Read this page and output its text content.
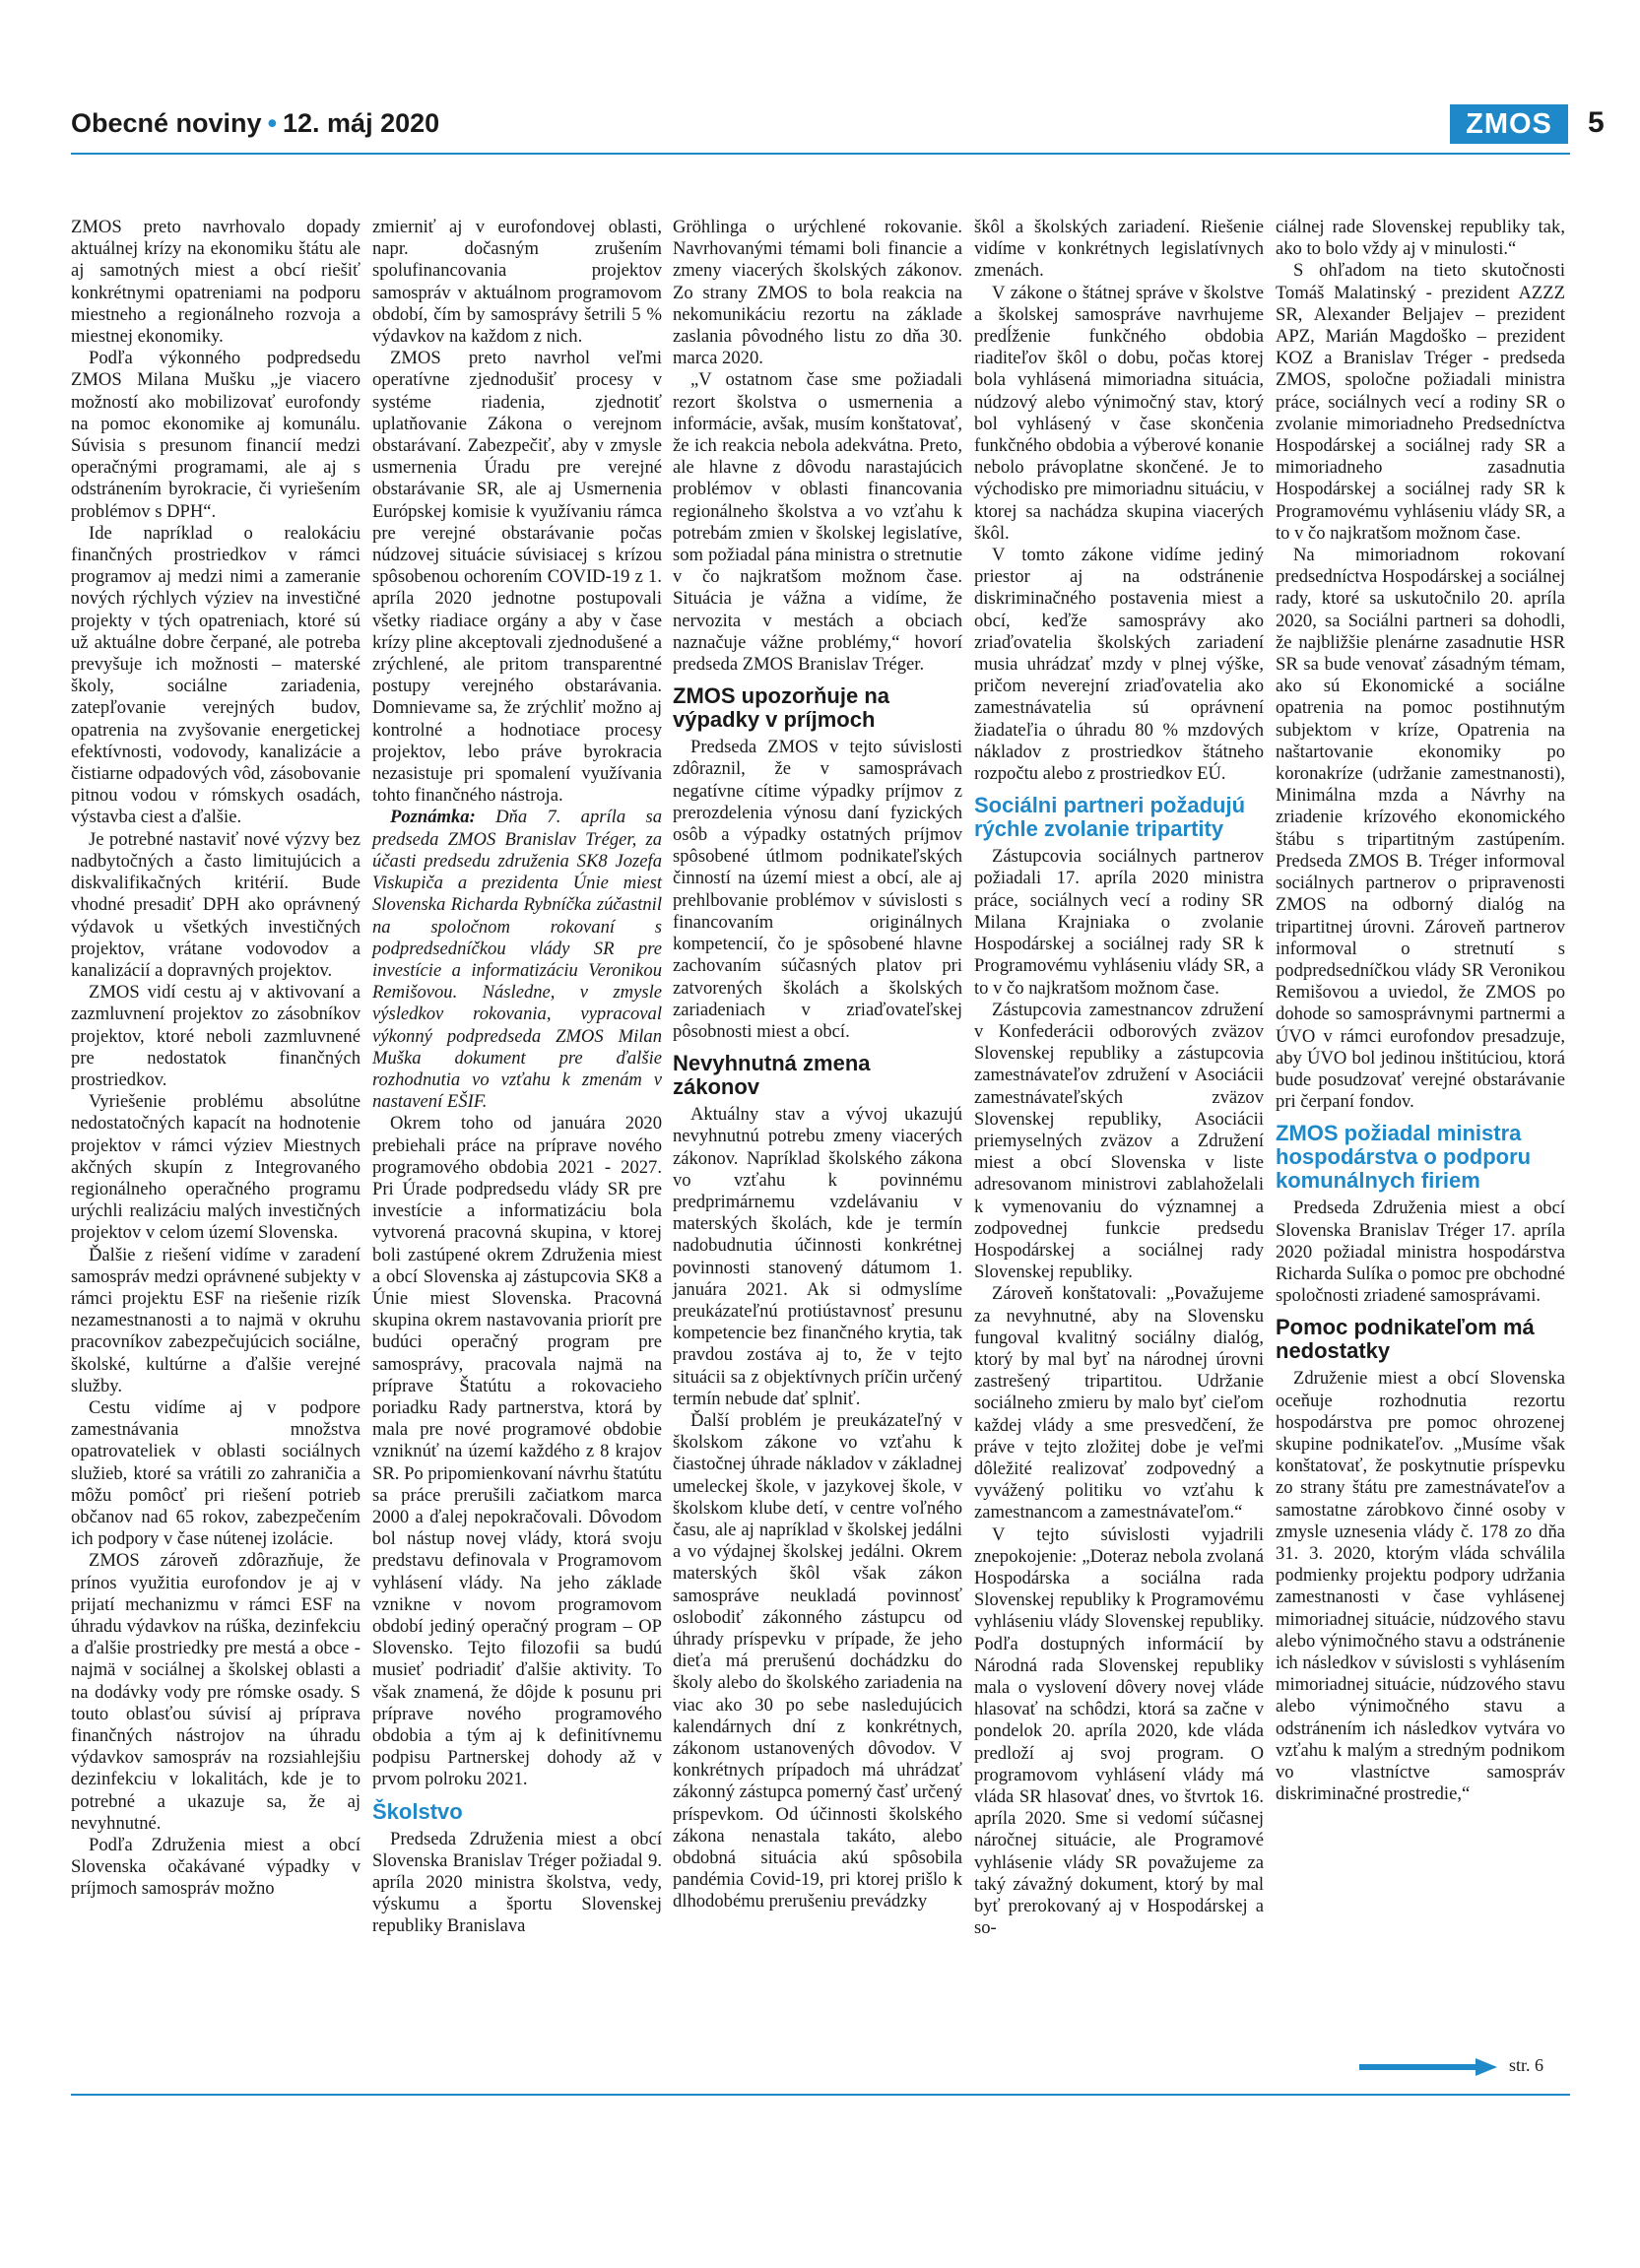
Obecné noviny • 12. máj 2020	ZMOS	5

ZMOS preto navrhovalo dopady aktuálnej krízy na ekonomiku štátu ale aj samotných miest a obcí riešiť konkrétnymi opatreniami na podporu miestneho a regionálneho rozvoja a miestnej ekonomiky.

Podľa výkonného podpredsedu ZMOS Milana Mušku „je viacero možností ako mobilizovať eurofondy na pomoc ekonomike aj komunálu. Súvisia s presunom financií medzi operačnými programami, ale aj s odstránením byrokracie, či vyriešením problémov s DPH“.

Ide napríklad o realokáciu finančných prostriedkov v rámci programov aj medzi nimi a zameranie nových rýchlych výziev na investičné projekty v tých opatreniach, ktoré sú už aktuálne dobre čerpané, ale potreba prevyšuje ich možnosti – materské školy, sociálne zariadenia, zatepľovanie verejných budov, opatrenia na zvyšovanie energetickej efektívnosti, vodovody, kanalizácie a čistiarne odpadových vôd, zásobovanie pitnou vodou v rómskych osadách, výstavba ciest a ďalšie.

Je potrebné nastaviť nové výzvy bez nadbytočných a často limitujúcich a diskvalifikačných kritérií. Bude vhodné presadiť DPH ako oprávnený výdavok u všetkých investičných projektov, vrátane vodovodov a kanalizácií a dopravných projektov.

ZMOS vidí cestu aj v aktivovaní a zazmluvnení projektov zo zásobníkov projektov, ktoré neboli zazmluvnené pre nedostatok finančných prostriedkov.

Vyriešenie problému absolútne nedostatočných kapacít na hodnotenie projektov v rámci výziev Miestnych akčných skupín z Integrovaného regionálneho operačného programu urýchli realizáciu malých investičných projektov v celom území Slovenska.

Ďalšie z riešení vidíme v zaradení samospráv medzi oprávnené subjekty v rámci projektu ESF na riešenie rizík nezamestnanosti a to najmä v okruhu pracovníkov zabezpečujúcich sociálne, školské, kultúrne a ďalšie verejné služby.

Cestu vidíme aj v podpore zamestnávania množstva opatrovateliek v oblasti sociálnych služieb, ktoré sa vrátili zo zahraničia a môžu pomôcť pri riešení potrieb občanov nad 65 rokov, zabezpečením ich podpory v čase nútenej izolácie.

ZMOS zároveň zdôrazňuje, že prínos využitia eurofondov je aj v prijatí mechanizmu v rámci ESF na úhradu výdavkov na rúška, dezinfekciu a ďalšie prostriedky pre mestá a obce - najmä v sociálnej a školskej oblasti a na dodávky vody pre rómske osady. S touto oblasťou súvisí aj príprava finančných nástrojov na úhradu výdavkov samospráv na rozsiahlejšiu dezinfekciu v lokalitách, kde je to potrebné a ukazuje sa, že aj nevyhnutné.

Podľa Združenia miest a obcí Slovenska očakávané výpadky v príjmoch samospráv možno

zmierniť aj v eurofondovej oblasti, napr. dočasným zrušením spolufinancovania projektov samospráv v aktuálnom programovom období, čím by samosprávy šetrili 5 % výdavkov na každom z nich.

ZMOS preto navrhol veľmi operatívne zjednodušiť procesy v systéme riadenia, zjednotiť uplatňovanie Zákona o verejnom obstarávaní. Zabezpečiť, aby v zmysle usmernenia Úradu pre verejné obstarávanie SR, ale aj Usmernenia Európskej komisie k využívaniu rámca pre verejné obstarávanie počas núdzovej situácie súvisiacej s krízou spôsobenou ochorením COVID-19 z 1. apríla 2020 jednotne postupovali všetky riadiace orgány a aby v čase krízy pline akceptovali zjednodušené a zrýchlené, ale pritom transparentné postupy verejného obstarávania. Domnievame sa, že zrýchliť možno aj kontrolné a hodnotiace procesy projektov, lebo práve byrokracia nezasistuje pri spomalení využívania tohto finančného nástroja.

Poznámka: Dňa 7. apríla sa predseda ZMOS Branislav Tréger, za účasti predsedu združenia SK8 Jozefa Viskupiča a prezidenta Únie miest Slovenska Richarda Rybníčka zúčastnil na spoločnom rokovaní s podpredsedníčkou vlády SR pre investície a informatizáciu Veronikou Remišovou. Následne, v zmysle výsledkov rokovania, vypracoval výkonný podpredseda ZMOS Milan Muška dokument pre ďalšie rozhodnutia vo vzťahu k zmenám v nastavení EŠIF.

Okrem toho od januára 2020 prebiehali práce na príprave nového programového obdobia 2021 - 2027. Pri Úrade podpredsedu vlády SR pre investície a informatizáciu bola vytvorená pracovná skupina, v ktorej boli zastúpené okrem Združenia miest a obcí Slovenska aj zástupcovia SK8 a Únie miest Slovenska. Pracovná skupina okrem nastavovania priorít pre budúci operačný program pre samosprávy, pracovala najmä na príprave Štatútu a rokovacieho poriadku Rady partnerstva, ktorá by mala pre nové programové obdobie vzniknúť na území každého z 8 krajov SR. Po pripomienkovaní návrhu štatútu sa práce prerušili začiatkom marca 2000 a ďalej nepokračovali. Dôvodom bol nástup novej vlády, ktorá svoju predstavu definovala v Programovom vyhlásení vlády. Na jeho základe vznikne v novom programovom období jediný operačný program – OP Slovensko. Tejto filozofii sa budú musieť podriadiť ďalšie aktivity. To však znamená, že dôjde k posunu pri príprave nového programového obdobia a tým aj k definitívnemu podpisu Partnerskej dohody až v prvom polroku 2021.

Školstvo

Predseda Združenia miest a obcí Slovenska Branislav Tréger požiadal 9. apríla 2020 ministra školstva, vedy, výskumu a športu Slovenskej republiky Branislava

Gröhlinga o urýchlené rokovanie. Navrhovanými témami boli financie a zmeny viacerých školských zákonov. Zo strany ZMOS to bola reakcia na nekomunikáciu rezortu na základe zaslania pôvodného listu zo dňa 30. marca 2020.

„V ostatnom čase sme požiadali rezort školstva o usmernenia a informácie, avšak, musím konštatovať, že ich reakcia nebola adekvátna. Preto, ale hlavne z dôvodu narastajúcich problémov v oblasti financovania regionálneho školstva a vo vzťahu k potrebám zmien v školskej legislatíve, som požiadal pána ministra o stretnutie v čo najkratšom možnom čase. Situácia je vážna a vidíme, že nervozita v mestách a obciach naznačuje vážne problémy,“ hovorí predseda ZMOS Branislav Tréger.

ZMOS upozorňuje na výpadky v príjmoch

Predseda ZMOS v tejto súvislosti zdôraznil, že v samosprávach negatívne cítime výpadky príjmov z prerozdelenia výnosu daní fyzických osôb a výpadky ostatných príjmov spôsobené útlmom podnikateľských činností na území miest a obcí, ale aj prehlbovanie problémov v súvislosti s financovaním originálnych kompetencií, čo je spôsobené hlavne zachovaním súčasných platov pri zatvorených školách a školských zariadeniach v zriaďovateľskej pôsobnosti miest a obcí.

Nevyhnutná zmena zákonov

Aktuálny stav a vývoj ukazujú nevyhnutnú potrebu zmeny viacerých zákonov. Napríklad školského zákona vo vzťahu k povinnému predprimárnemu vzdelávaniu v materských školách, kde je termín nadobudnutia účinnosti konkrétnej povinnosti stanovený dátumom 1. januára 2021. Ak si odmyslíme preukázateľnú protiústavnosť presunu kompetencie bez finančného krytia, tak pravdou zostáva aj to, že v tejto situácii sa z objektívnych príčin určený termín nebude dať splniť.

Ďalší problém je preukázateľný v školskom zákone vo vzťahu k čiastočnej úhrade nákladov v základnej umeleckej škole, v jazykovej škole, v školskom klube detí, v centre voľného času, ale aj napríklad v školskej jedálni a vo výdajnej školskej jedálni. Okrem materských škôl však zákon samosprávе neukladá povinnosť oslobodiť zákonného zástupcu od úhrady príspevku v prípade, že jeho dieťa má prerušenú dochádzku do školy alebo do školského zariadenia na viac ako 30 po sebe nasledujúcich kalendárnych dní z konkrétnych, zákonom ustanovených dôvodov. V konkrétnych prípadoch má uhrádzať zákonný zástupca pomerný časť určený príspevkom. Od účinnosti školského zákona nenastala takáto, alebo obdobná situácia akú spôsobila pandémia Covid-19, pri ktorej prišlo k dlhodobému prerušeniu prevádzky

škôl a školských zariadení. Riešenie vidíme v konkrétnych legislatívnych zmenách.

V zákone o štátnej správe v školstve a školskej samospráve navrhujeme predĺženie funkčného obdobia riaditeľov škôl o dobu, počas ktorej bola vyhlásená mimoriadna situácia, núdzový alebo výnimočný stav, ktorý bol vyhlásený v čase skončenia funkčného obdobia a výberové konanie nebolo právoplatne skončené. Je to východisko pre mimoriadnu situáciu, v ktorej sa nachádza skupina viacerých škôl.

V tomto zákone vidíme jediný priestor aj na odstránenie diskriminačného postavenia miest a obcí, keďže samosprávy ako zriaďovatelia školských zariadení musia uhrádzať mzdy v plnej výške, pričom neverejní zriaďovatelia ako zamestnávatelia sú oprávnení žiadateľia o úhradu 80 % mzdových nákladov z prostriedkov štátneho rozpočtu alebo z prostriedkov EÚ.

Sociálni partneri požadujú rýchle zvolanie tripartity

Zástupcovia sociálnych partnerov požiadali 17. apríla 2020 ministra práce, sociálnych vecí a rodiny SR Milana Krajniaka o zvolanie Hospodárskej a sociálnej rady SR k Programovému vyhláseniu vlády SR, a to v čo najkratšom možnom čase.

Zástupcovia zamestnancov združení v Konfederácii odborových zväzov Slovenskej republiky a zástupcovia zamestnávateľov združení v Asociácii zamestnávateľských zväzov Slovenskej republiky, Asociácii priemyselných zväzov a Združení miest a obcí Slovenska v liste adresovanom ministrovi zablahoželali k vymenovaniu do významnej a zodpovednej funkcie predsedu Hospodárskej a sociálnej rady Slovenskej republiky.

Zároveň konštatovali: „Považujeme za nevyhnutné, aby na Slovensku fungoval kvalitný sociálny dialóg, ktorý by mal byť na národnej úrovni zastrešený tripartitou. Udržanie sociálneho zmieru by malo byť cieľom každej vlády a sme presvedčení, že práve v tejto zložitej dobe je veľmi dôležité realizovať zodpovedný a vyvážený politiku vo vzťahu k zamestnancom a zamestnávateľom.“

V tejto súvislosti vyjadrili znepokojenie: „Doteraz nebola zvolaná Hospodárska a sociálna rada Slovenskej republiky k Programovému vyhláseniu vlády Slovenskej republiky. Podľa dostupných informácií by Národná rada Slovenskej republiky mala o vyslovení dôvery novej vláde hlasovať na schôdzi, ktorá sa začne v pondelok 20. apríla 2020, kde vláda predloží aj svoj program. O programovom vyhlásení vlády má vláda SR hlasovať dnes, vo štvrtok 16. apríla 2020. Sme si vedomí súčasnej náročnej situácie, ale Programové vyhlásenie vlády SR považujeme za taký závažný dokument, ktorý by mal byť prerokovaný aj v Hospodárskej a so-

ciálnej rade Slovenskej republiky tak, ako to bolo vždy aj v minulosti.“

S ohľadom na tieto skutočnosti Tomáš Malatinský - prezident AZZZ SR, Alexander Beljajev – prezident APZ, Marián Magdoško – prezident KOZ a Branislav Tréger - predseda ZMOS, spoločne požiadali ministra práce, sociálnych vecí a rodiny SR o zvolanie mimoriadneho Predsedníctva Hospodárskej a sociálnej rady SR a mimoriadneho zasadnutia Hospodárskej a sociálnej rady SR k Programovému vyhláseniu vlády SR, a to v čo najkratšom možnom čase.

Na mimoriadnom rokovaní predsedníctva Hospodárskej a sociálnej rady, ktoré sa uskutočnilo 20. apríla 2020, sa Sociálni partneri sa dohodli, že najbližšie plenárne zasadnutie HSR SR sa bude venovať zásadným témam, ako sú Ekonomické a sociálne opatrenia na pomoc postihnutým subjektom v kríze, Opatrenia na naštartovanie ekonomiky po koronakríze (udržanie zamestnanosti), Minimálna mzda a Návrhy na zriadenie krízového ekonomického štábu s tripartitným zastúpením. Predseda ZMOS B. Tréger informoval sociálnych partnerov o pripravenosti ZMOS na odborný dialóg na tripartitnej úrovni. Zároveň partnerov informoval o stretnutí s podpredsedníčkou vlády SR Veronikou Remišovou a uviedol, že ZMOS po dohode so samosprávnymi partnermi a ÚVO v rámci eurofondov presadzuje, aby ÚVO bol jedinou inštitúciou, ktorá bude posudzovať verejné obstarávanie pri čerpaní fondov.

ZMOS požiadal ministra hospodárstva o podporu komunálnych firiem

Predseda Združenia miest a obcí Slovenska Branislav Tréger 17. apríla 2020 požiadal ministra hospodárstva Richarda Sulíka o pomoc pre obchodné spoločnosti zriadené samosprávami.

Pomoc podnikateľom má nedostatky

Združenie miest a obcí Slovenska oceňuje rozhodnutia rezortu hospodárstva pre pomoc ohrozenej skupine podnikateľov. „Musíme však konštatovať, že poskytnutie príspevku zo strany štátu pre zamestnávateľov a samostatne zárobkovo činné osoby v zmysle uznesenia vlády č. 178 zo dňa 31. 3. 2020, ktorým vláda schválila podmienky projektu podpory udržania zamestnanosti v čase vyhlásenej mimoriadnej situácie, núdzového stavu alebo výnimočného stavu a odstránenie ich následkov v súvislosti s vyhlásením mimoriadnej situácie, núdzového stavu alebo výnimočného stavu a odstránením ich následkov vytvára vo vzťahu k malým a stredným podnikom vo vlastníctve samospráv diskriminačné prostredie,“

str. 6
